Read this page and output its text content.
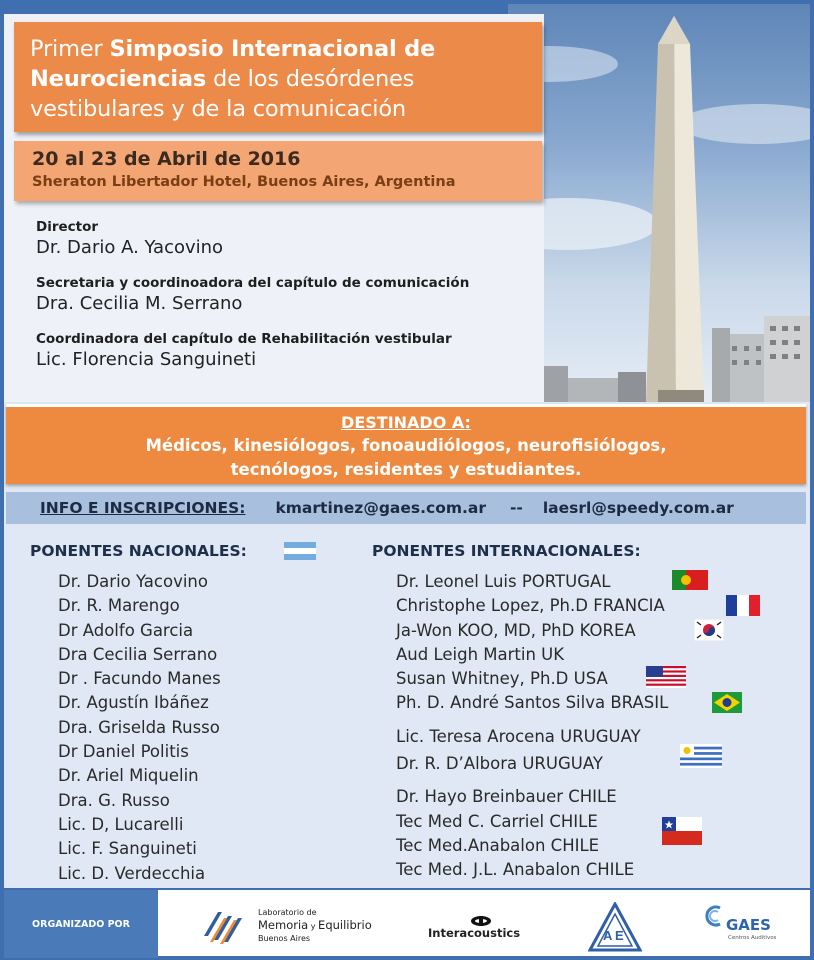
Primer Simposio Internacional de
Neurociencias de los desórdenes
vestibulares y de la comunicación
20 al 23 de Abril de 2016
Sheraton Libertador Hotel, Buenos Aires, Argentina
Director
Dr. Dario A. Yacovino
Secretaria y coordinoadora del capítulo de comunicación
Dra. Cecilia M. Serrano
Coordinadora del capítulo de Rehabilitación vestibular
Lic. Florencia Sanguineti
DESTINADO A:
Médicos, kinesiólogos, fonoaudiólogos, neurofisiólogos,
tecnólogos, residentes y estudiantes.
INFO E INSCRIPCIONES: kmartinez@gaes.com.ar -- laesrl@speedy.com.ar
PONENTES NACIONALES:
Dr. Dario Yacovino
Dr. R. Marengo
Dr Adolfo Garcia
Dra Cecilia Serrano
Dr . Facundo Manes
Dr. Agustín Ibáñez
Dra. Griselda Russo
Dr Daniel Politis
Dr. Ariel Miquelin
Dra. G. Russo
Lic. D, Lucarelli
Lic. F. Sanguineti
Lic. D. Verdecchia
PONENTES INTERNACIONALES:
Dr. Leonel Luis PORTUGAL
Christophe Lopez, Ph.D FRANCIA
Ja-Won KOO, MD, PhD KOREA
Aud Leigh Martin UK
Susan Whitney, Ph.D USA
Ph. D. André Santos Silva BRASIL
Lic. Teresa Arocena URUGUAY
Dr. R. D’Albora URUGUAY
Dr. Hayo Breinbauer CHILE
Tec Med C. Carriel CHILE
Tec Med.Anabalon CHILE
Tec Med. J.L. Anabalon CHILE
ORGANIZADO POR
Laboratorio de
Memoria y Equilibrio
Buenos Aires	Interacoustics	A E
GAES
Centros Auditivos
